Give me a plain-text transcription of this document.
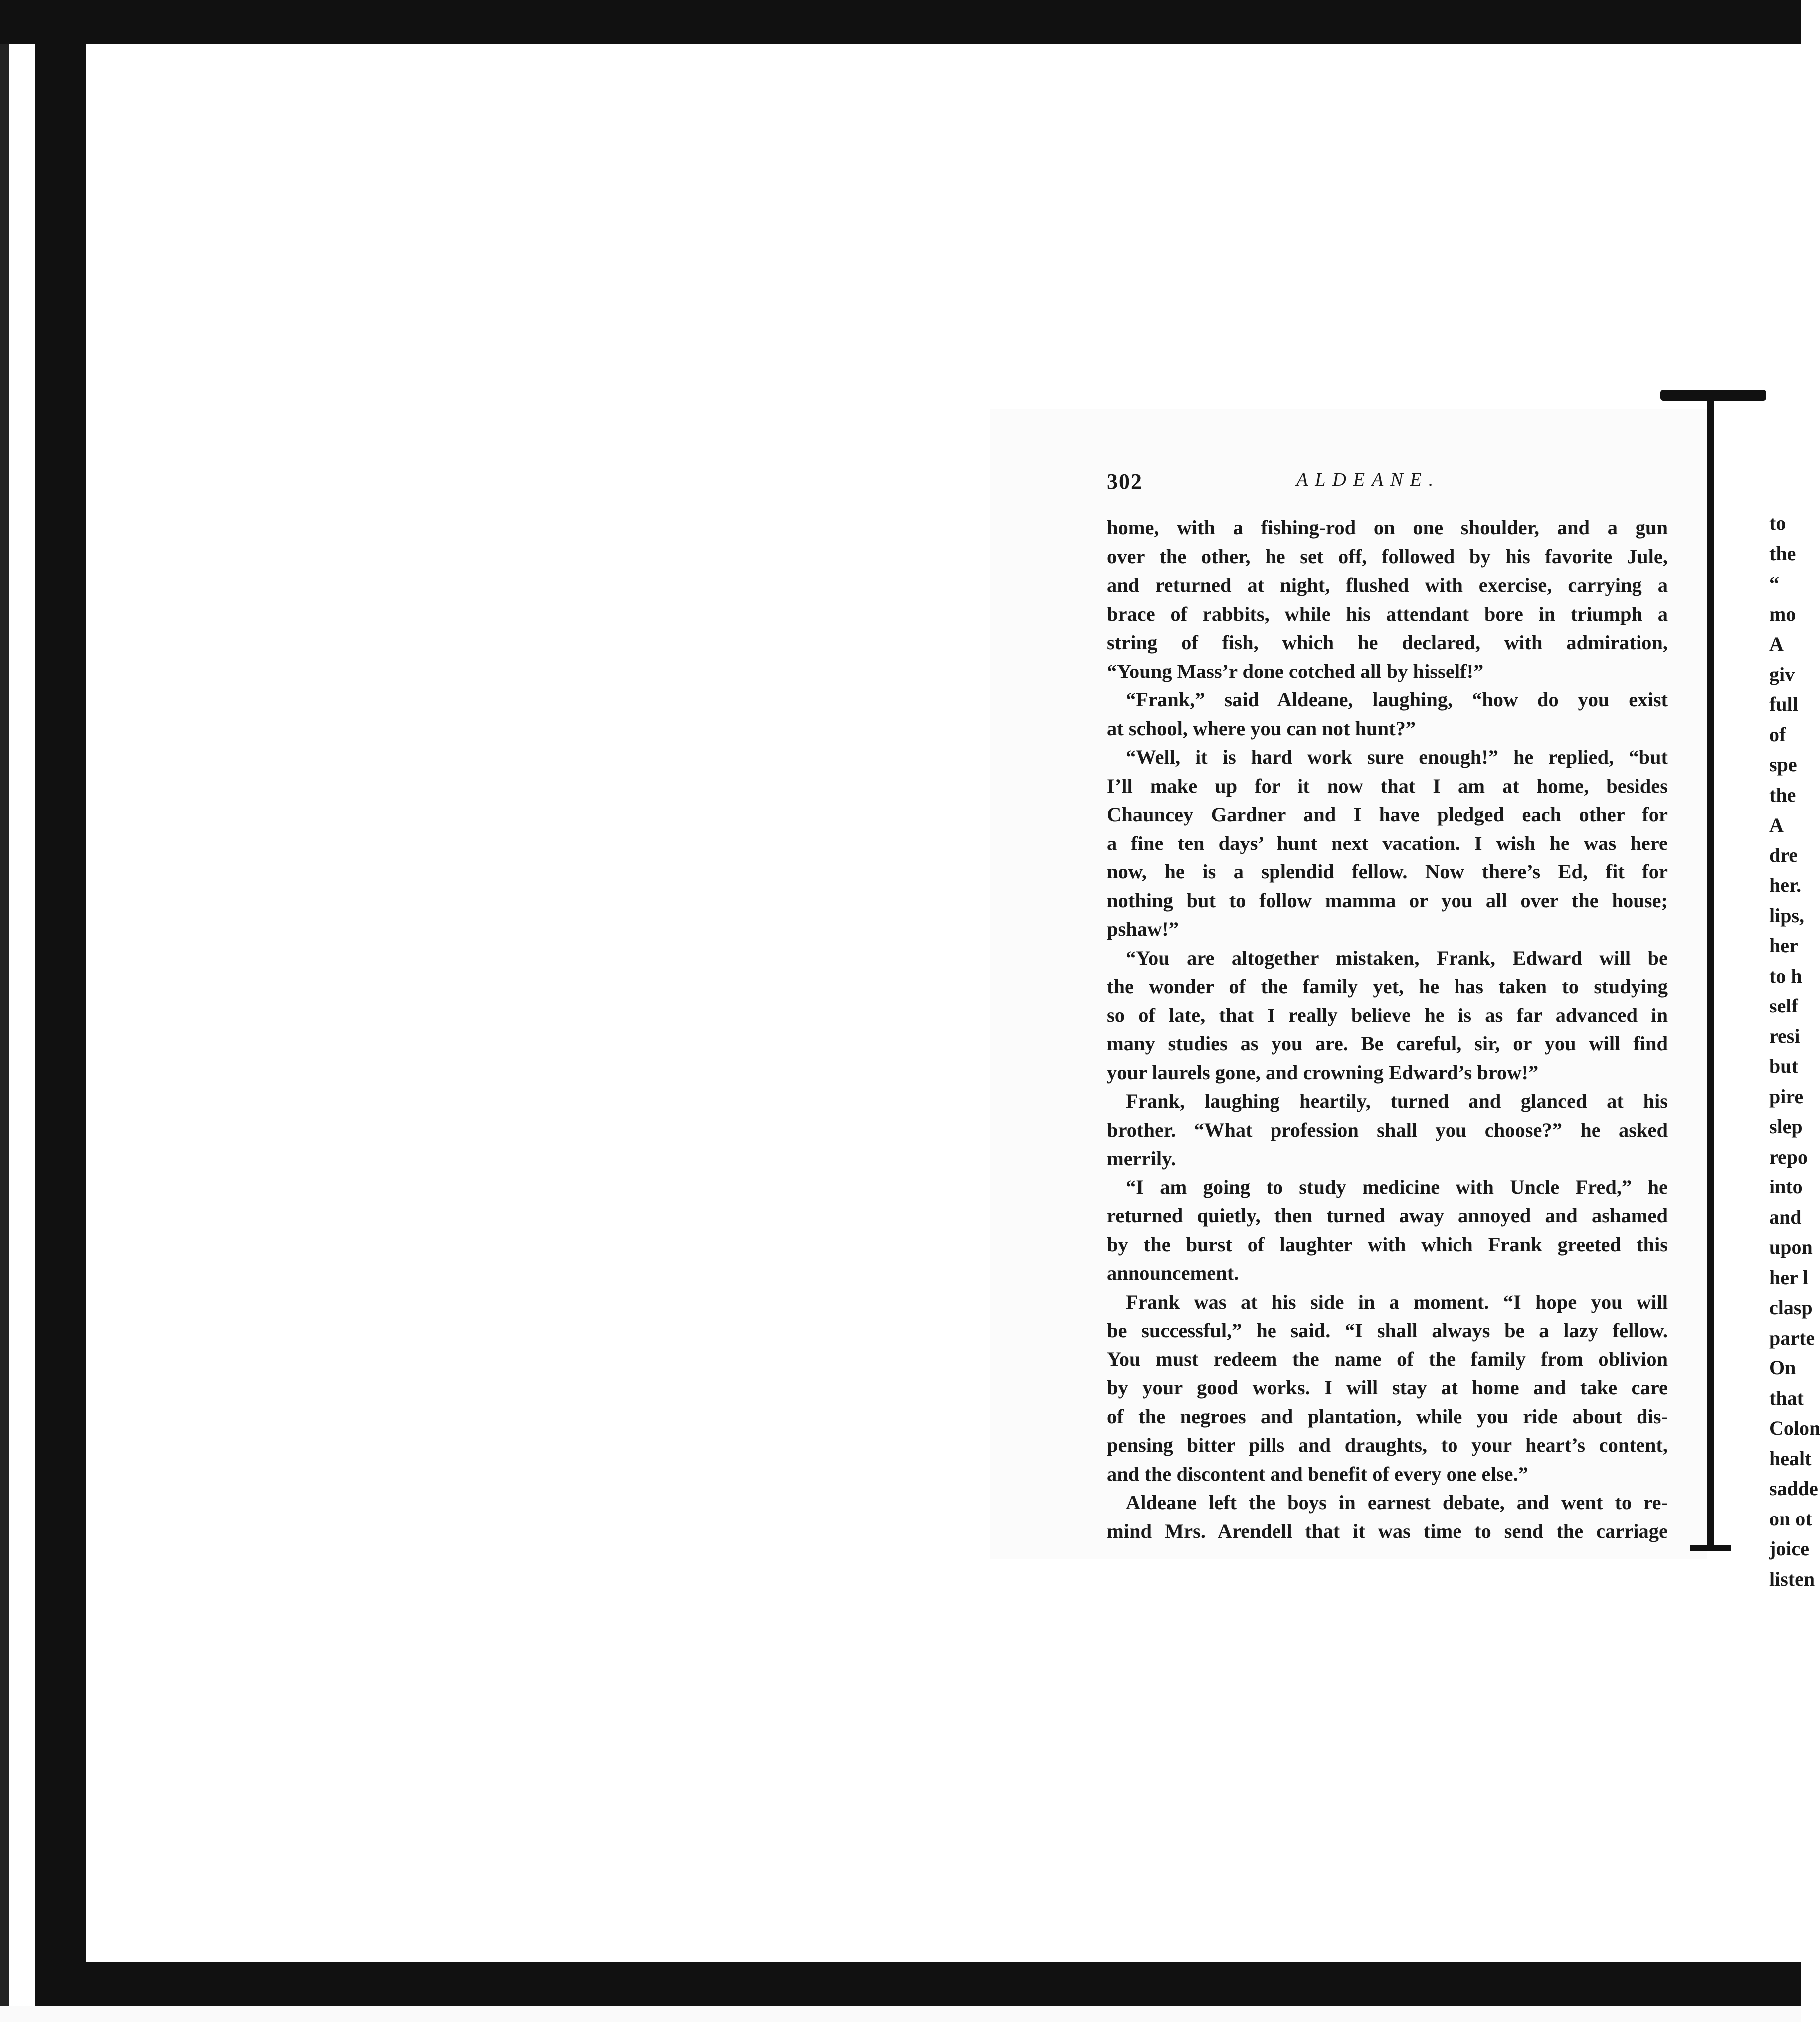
302	ALDEANE.
home, with a fishing-rod on one shoulder, and a gun
over the other, he set off, followed by his favorite Jule,
and returned at night, flushed with exercise, carrying a
brace of rabbits, while his attendant bore in triumph a
string of fish, which he declared, with admiration,
“Young Mass’r done cotched all by hisself!”
“Frank,” said Aldeane, laughing, “how do you exist
at school, where you can not hunt?”
“Well, it is hard work sure enough!” he replied, “but
I’ll make up for it now that I am at home, besides
Chauncey Gardner and I have pledged each other for
a fine ten days’ hunt next vacation. I wish he was here
now, he is a splendid fellow. Now there’s Ed, fit for
nothing but to follow mamma or you all over the house;
pshaw!”
“You are altogether mistaken, Frank, Edward will be
the wonder of the family yet, he has taken to studying
so of late, that I really believe he is as far advanced in
many studies as you are. Be careful, sir, or you will find
your laurels gone, and crowning Edward’s brow!”
Frank, laughing heartily, turned and glanced at his
brother. “What profession shall you choose?” he asked
merrily.
“I am going to study medicine with Uncle Fred,” he
returned quietly, then turned away annoyed and ashamed
by the burst of laughter with which Frank greeted this
announcement.
Frank was at his side in a moment. “I hope you will
be successful,” he said. “I shall always be a lazy fellow.
You must redeem the name of the family from oblivion
by your good works. I will stay at home and take care
of the negroes and plantation, while you ride about dis-
pensing bitter pills and draughts, to your heart’s content,
and the discontent and benefit of every one else.”
Aldeane left the boys in earnest debate, and went to re-
mind Mrs. Arendell that it was time to send the carriage
to
the
“
mo
A
giv
full
of
spe
the
A
dre
her.
lips,
her
to h
self
resi
but
pire
slep
repo
into
and
upon
her l
clasp
parte
On
that
Colon
healt
sadde
on ot
joice
listen
